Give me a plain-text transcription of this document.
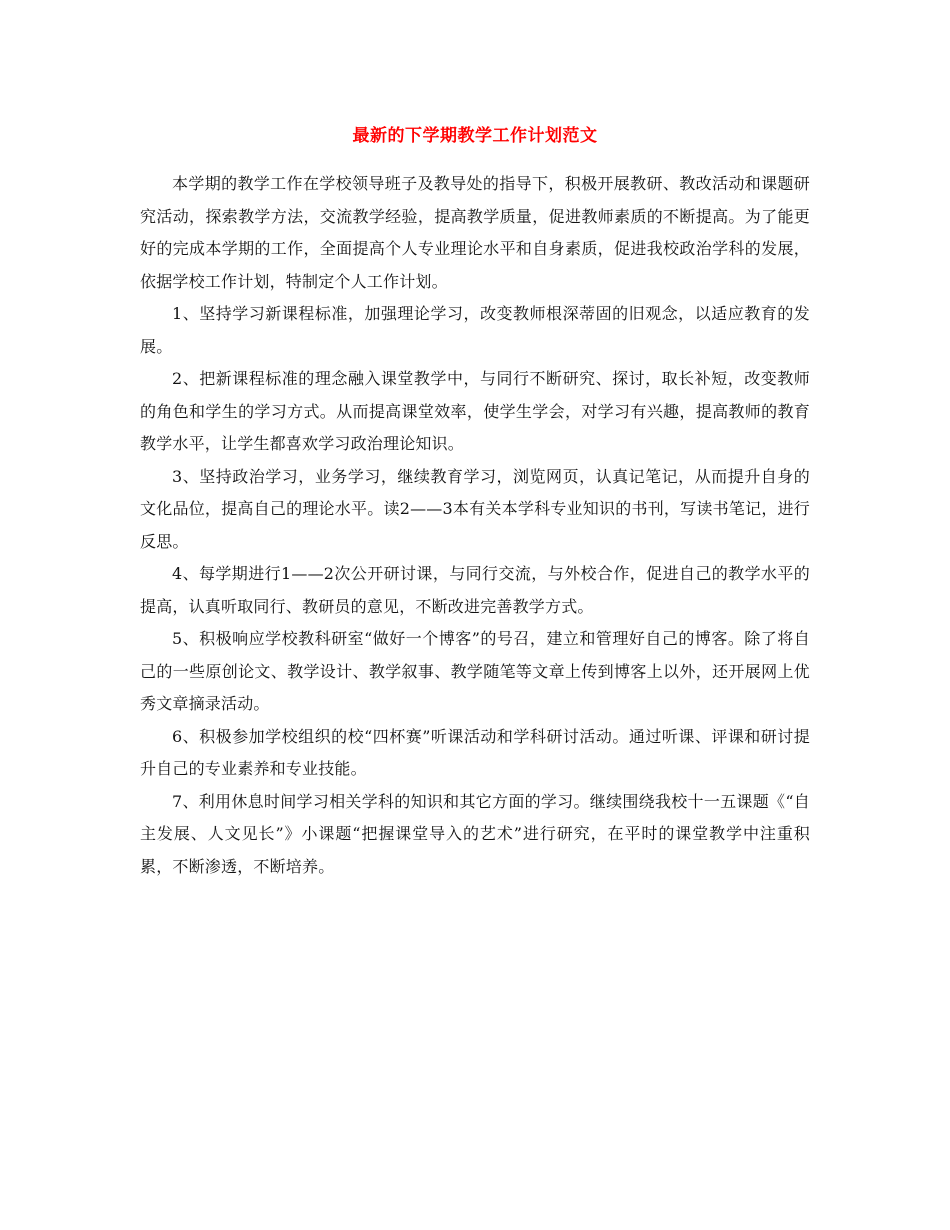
最新的下学期教学工作计划范文

本学期的教学工作在学校领导班子及教导处的指导下，积极开展教研、教改活动和课题研究活动，探索教学方法，交流教学经验，提高教学质量，促进教师素质的不断提高。为了能更好的完成本学期的工作，全面提高个人专业理论水平和自身素质，促进我校政治学科的发展，依据学校工作计划，特制定个人工作计划。

1、坚持学习新课程标准，加强理论学习，改变教师根深蒂固的旧观念，以适应教育的发展。

2、把新课程标准的理念融入课堂教学中，与同行不断研究、探讨，取长补短，改变教师的角色和学生的学习方式。从而提高课堂效率，使学生学会，对学习有兴趣，提高教师的教育教学水平，让学生都喜欢学习政治理论知识。

3、坚持政治学习，业务学习，继续教育学习，浏览网页，认真记笔记，从而提升自身的文化品位，提高自己的理论水平。读2——3本有关本学科专业知识的书刊，写读书笔记，进行反思。

4、每学期进行1——2次公开研讨课，与同行交流，与外校合作，促进自己的教学水平的提高，认真听取同行、教研员的意见，不断改进完善教学方式。

5、积极响应学校教科研室“做好一个博客”的号召，建立和管理好自己的博客。除了将自己的一些原创论文、教学设计、教学叙事、教学随笔等文章上传到博客上以外，还开展网上优秀文章摘录活动。

6、积极参加学校组织的校“四杯赛”听课活动和学科研讨活动。通过听课、评课和研讨提升自己的专业素养和专业技能。

7、利用休息时间学习相关学科的知识和其它方面的学习。继续围绕我校十一五课题《“自主发展、人文见长”》小课题“把握课堂导入的艺术”进行研究，在平时的课堂教学中注重积累，不断渗透，不断培养。
